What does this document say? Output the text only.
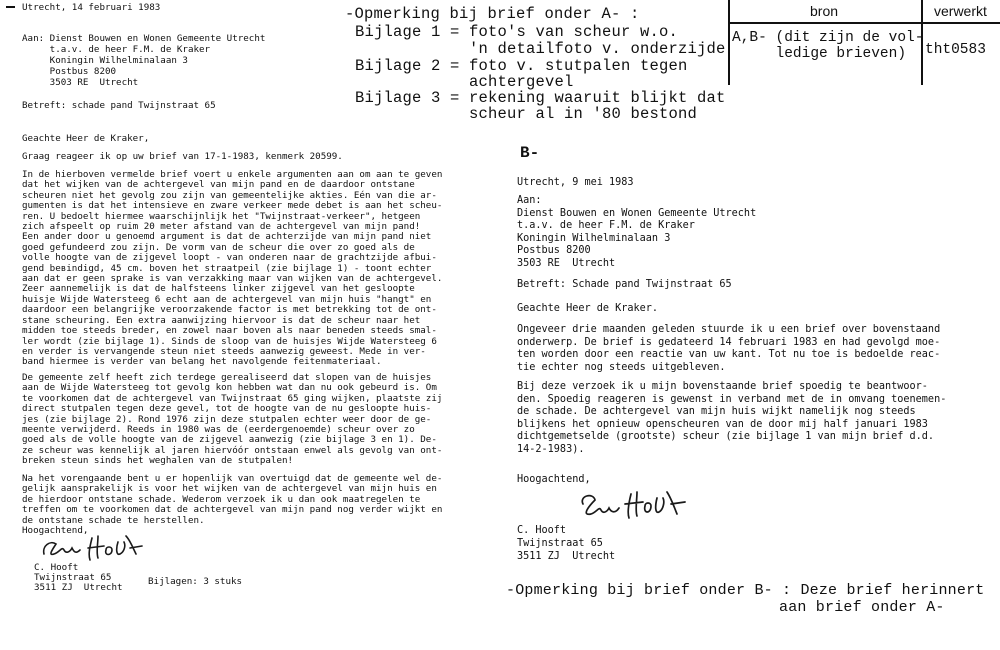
Utrecht, 14 februari 1983
Aan: Dienst Bouwen en Wonen Gemeente Utrecht
t.a.v. de heer F.M. de Kraker
Koningin Wilhelminalaan 3
Postbus 8200
3503 RE  Utrecht
Betreft: schade pand Twijnstraat 65
Geachte Heer de Kraker,
Graag reageer ik op uw brief van 17-1-1983, kenmerk 20599.
In de hierboven vermelde brief voert u enkele argumenten aan om aan te geven
dat het wijken van de achtergevel van mijn pand en de daardoor ontstane
scheuren niet het gevolg zou zijn van gemeentelijke aktiеs. Eén van die ar-
gumenten is dat het intensieve en zware verkeer mede debet is aan het scheu-
ren. U bedoelt hiermee waarschijnlijk het "Twijnstraat-verkeer", hetgeen
zich afspeelt op ruim 20 meter afstand van de achtergevel van mijn pand!
Een ander door u genoemd argument is dat de achterzijde van mijn pand niet
goed gefundeerd zou zijn. De vorm van de scheur die over zo goed als de
volle hoogte van de zijgevel loopt - van onderen naar de grachtzijde afbui-
gend bевindigd, 45 cm. boven het straatpeil (zie bijlage 1) - toont echter
aan dat er geen sprake is van verzakking maar van wijken van de achtergevel.
Zeer aannemelijk is dat de halfsteens linker zijgevel van het gesloopte
huisje Wijde Watersteeg 6 echt aan de achtergevel van mijn huis "hangt" en
daardoor een belangrijke veroorzakende factor is met betrekking tot de ont-
stane scheuring. Een extra aanwijzing hiervoor is dat de scheur naar het
midden toe steeds breder, en zowel naar boven als naar beneden steeds smal-
ler wordt (zie bijlage 1). Sinds de sloop van de huisjes Wijde Watersteeg 6
en verder is vervangende steun niet steeds aanwezig geweest. Mede in ver-
band hiermee is verder van belang het navolgende feitenmateriaal.
De gemeente zelf heeft zich terdege gerealiseerd dat slopen van de huisjes
aan de Wijde Watersteeg tot gevolg kon hebben wat dan nu ook gebeurd is. Om
te voorkomen dat de achtergevel van Twijnstraat 65 ging wijken, plaatste zij
direct stutpalen tegen deze gevel, tot de hoogte van de nu gesloopte huis-
jes (zie bijlage 2). Rond 1976 zijn deze stutpalen echter weer door de ge-
meente verwijderd. Reeds in 1980 was de (eerdergenoemde) scheur over zo
goed als de volle hoogte van de zijgevel aanwezig (zie bijlage 3 en 1). De-
ze scheur was kennelijk al jaren hiervóór ontstaan enwel als gevolg van ont-
breken steun sinds het weghalen van de stutpalen!
Na het vorengaande bent u er hopenlijk van overtuigd dat de gemeente wel de-
gelijk aansprakelijk is voor het wijken van de achtergevel van mijn huis en
de hierdoor ontstane schade. Wederom verzoek ik u dan ook maatregelen te
treffen om te voorkomen dat de achtergevel van mijn pand nog verder wijkt en
de ontstane schade te herstellen.
Hoogachtend,
C. Hooft
Twijnstraat 65
3511 ZJ  Utrecht
Bijlagen: 3 stuks
-Opmerking bij brief onder A- :
Bijlage 1 = foto's van scheur w.o.
'n detailfoto v. onderzijde
Bijlage 2 = foto v. stutpalen tegen
achtergevel
Bijlage 3 = rekening waaruit blijkt dat
scheur al in '80 bestond
bron	verwerkt
A,B- (dit zijn de vol-
ledige brieven) tht0583
B-
Utrecht, 9 mei 1983
Aan:
Dienst Bouwen en Wonen Gemeente Utrecht
t.a.v. de heer F.M. de Kraker
Koningin Wilhelminalaan 3
Postbus 8200
3503 RE  Utrecht
Betreft: Schade pand Twijnstraat 65
Geachte Heer de Kraker.
Ongeveer drie maanden geleden stuurde ik u een brief over bovenstaand
onderwerp. De brief is gedateerd 14 februari 1983 en had gevolgd moe-
ten worden door een reactie van uw kant. Tot nu toe is bedoelde reac-
tie echter nog steeds uitgebleven.
Bij deze verzoek ik u mijn bovenstaande brief spoedig te beantwoor-
den. Spoedig reageren is gewenst in verband met de in omvang toenemen-
de schade. De achtergevel van mijn huis wijkt namelijk nog steeds
blijkens het opnieuw openscheuren van de door mij half januari 1983
dichtgemetselde (grootste) scheur (zie bijlage 1 van mijn brief d.d.
14-2-1983).
Hoogachtend,
C. Hooft
Twijnstraat 65
3511 ZJ  Utrecht
-Opmerking bij brief onder B- : Deze brief herinnert
aan brief onder A-
